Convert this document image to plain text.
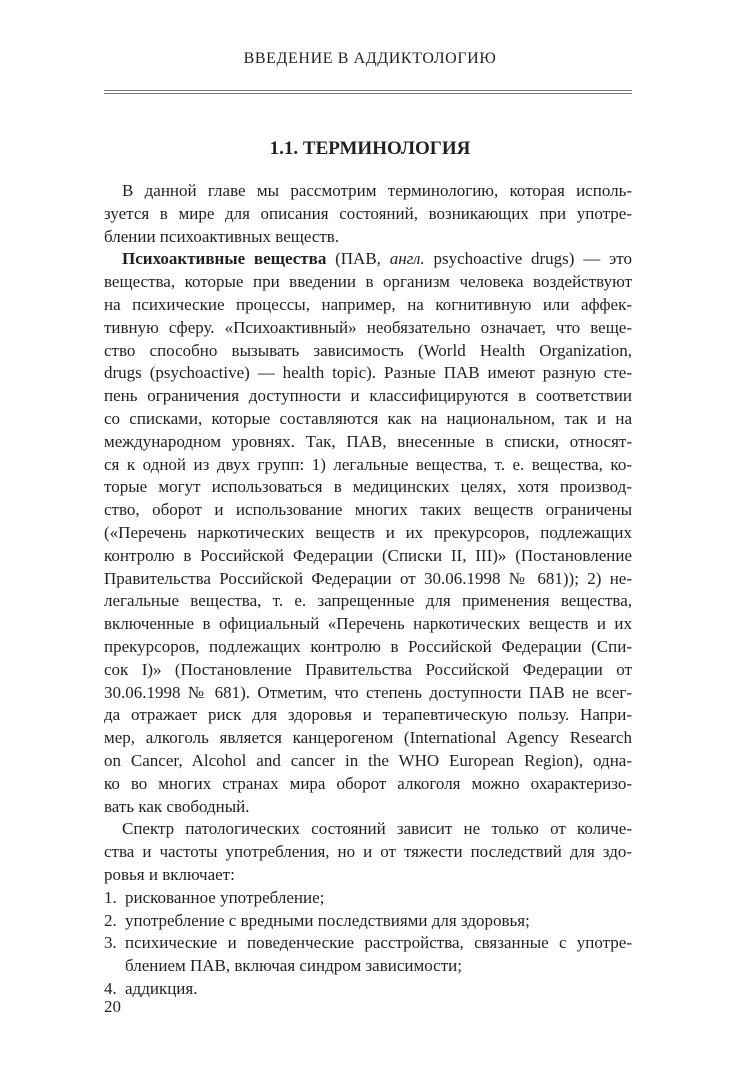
ВВЕДЕНИЕ В АДДИКТОЛОГИЮ
1.1. ТЕРМИНОЛОГИЯ
В данной главе мы рассмотрим терминологию, которая исполь-
зуется в мире для описания состояний, возникающих при употре-
блении психоактивных веществ.
Психоактивные вещества (ПАВ, англ. psychoactive drugs) — это
вещества, которые при введении в организм человека воздействуют
на психические процессы, например, на когнитивную или аффек-
тивную сферу. «Психоактивный» необязательно означает, что веще-
ство способно вызывать зависимость (World Health Organization,
drugs (psychoactive) — health topic). Разные ПАВ имеют разную сте-
пень ограничения доступности и классифицируются в соответствии
со списками, которые составляются как на национальном, так и на
международном уровнях. Так, ПАВ, внесенные в списки, относят-
ся к одной из двух групп: 1) легальные вещества, т. е. вещества, ко-
торые могут использоваться в медицинских целях, хотя производ-
ство, оборот и использование многих таких веществ ограничены
(«Перечень наркотических веществ и их прекурсоров, подлежащих
контролю в Российской Федерации (Списки II, III)» (Постановление
Правительства Российской Федерации от 30.06.1998 № 681)); 2) не-
легальные вещества, т. е. запрещенные для применения вещества,
включенные в официальный «Перечень наркотических веществ и их
прекурсоров, подлежащих контролю в Российской Федерации (Спи-
сок I)» (Постановление Правительства Российской Федерации от
30.06.1998 № 681). Отметим, что степень доступности ПАВ не всег-
да отражает риск для здоровья и терапевтическую пользу. Напри-
мер, алкоголь является канцерогеном (International Agency Research
on Cancer, Alcohol and cancer in the WHO European Region), одна-
ко во многих странах мира оборот алкоголя можно охарактеризо-
вать как свободный.
Спектр патологических состояний зависит не только от количе-
ства и частоты употребления, но и от тяжести последствий для здо-
ровья и включает:
1. рискованное употребление;
2. употребление с вредными последствиями для здоровья;
3. психические и поведенческие расстройства, связанные с употре-
блением ПАВ, включая синдром зависимости;
4. аддикция.
20
